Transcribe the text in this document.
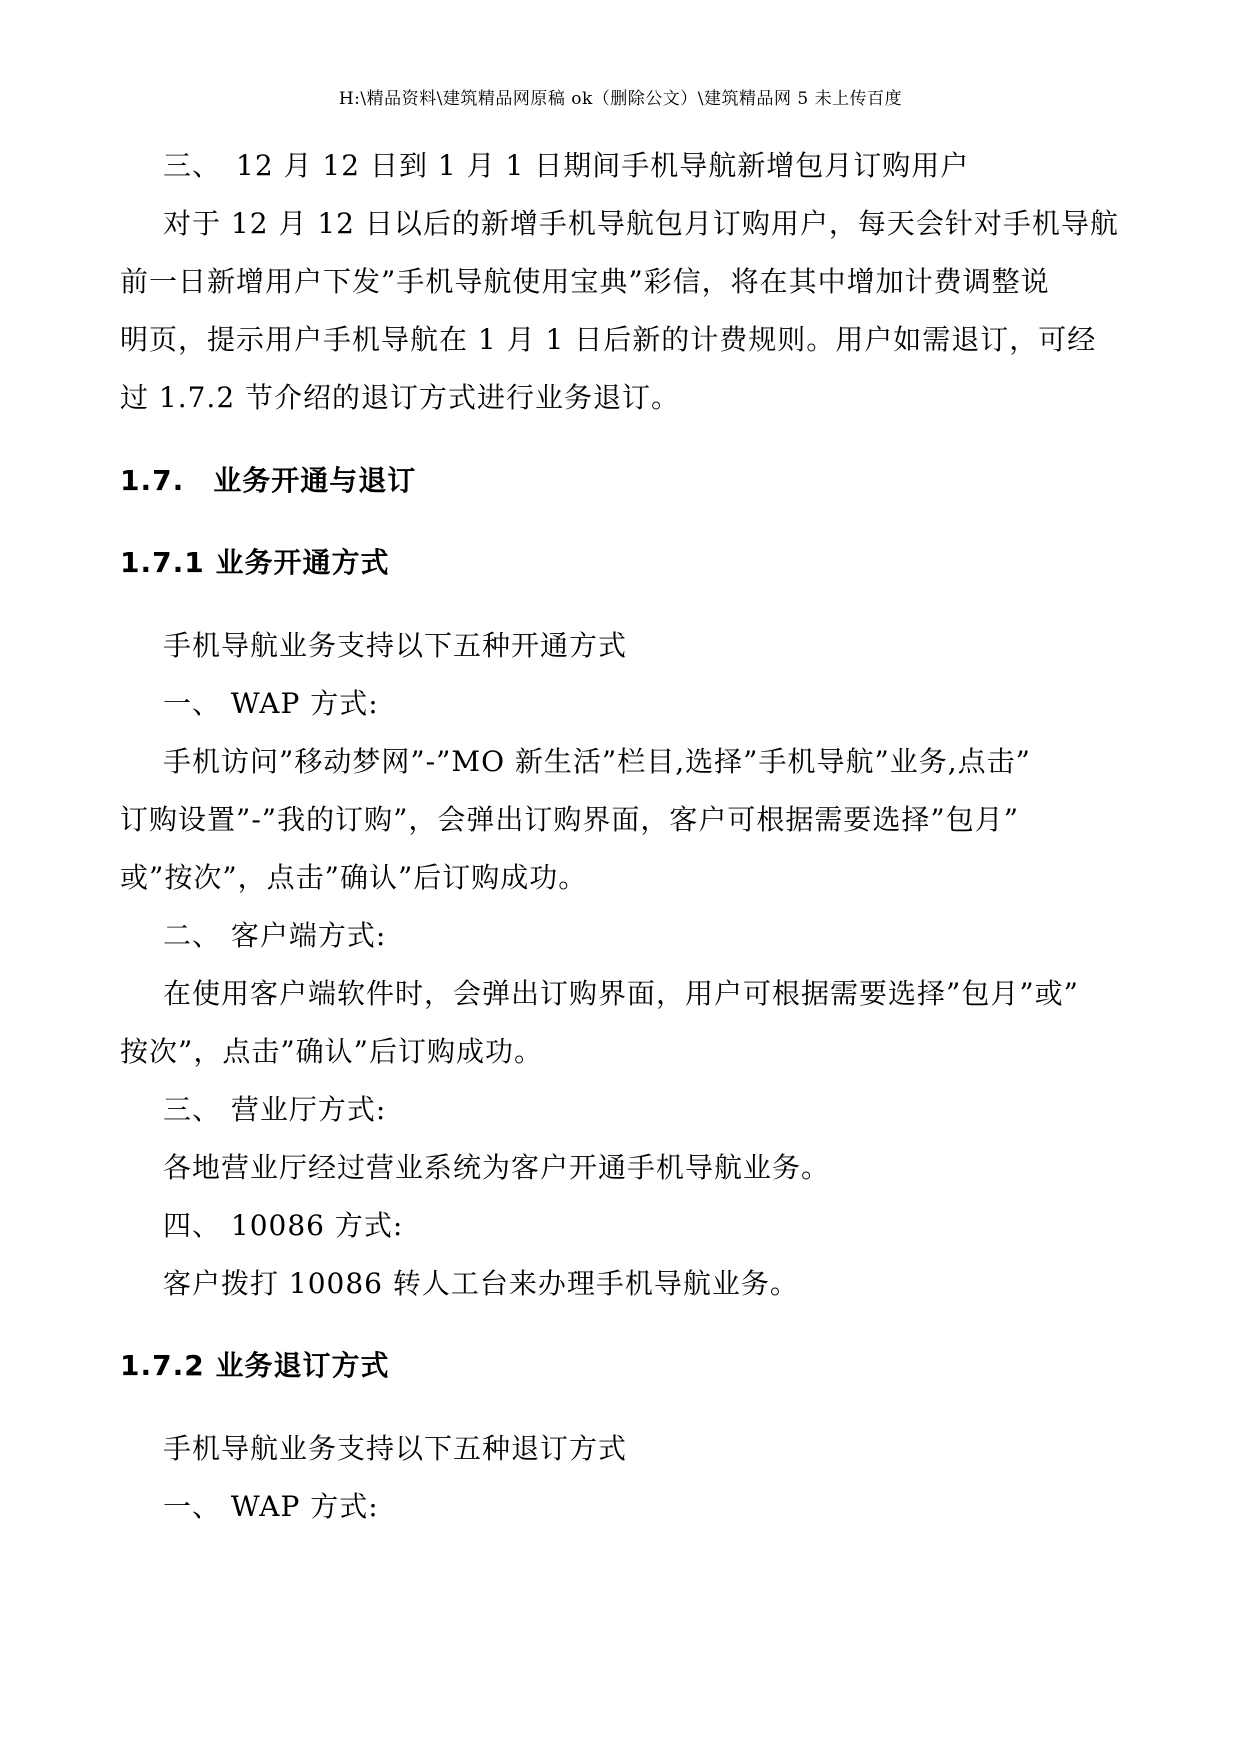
H:\精品资料\建筑精品网原稿 ok（删除公文）\建筑精品网 5 未上传百度
三、　12 月 12 日到 1 月 1 日期间手机导航新增包月订购用户
对于 12 月 12 日以后的新增手机导航包月订购用户，每天会针对手机导航
前一日新增用户下发”手机导航使用宝典”彩信，将在其中增加计费调整说
明页，提示用户手机导航在 1 月 1 日后新的计费规则。用户如需退订，可经
过 1.7.2 节介绍的退订方式进行业务退订。
1.7.　业务开通与退订
1.7.1 业务开通方式
手机导航业务支持以下五种开通方式
一、 WAP 方式:
手机访问”移动梦网”-”MO 新生活”栏目,选择”手机导航”业务,点击”
订购设置”-”我的订购”，会弹出订购界面，客户可根据需要选择”包月”
或”按次”，点击”确认”后订购成功。
二、 客户端方式:
在使用客户端软件时，会弹出订购界面，用户可根据需要选择”包月”或”
按次”，点击”确认”后订购成功。
三、 营业厅方式:
各地营业厅经过营业系统为客户开通手机导航业务。
四、 10086 方式:
客户拨打 10086 转人工台来办理手机导航业务。
1.7.2 业务退订方式
手机导航业务支持以下五种退订方式
一、 WAP 方式:
